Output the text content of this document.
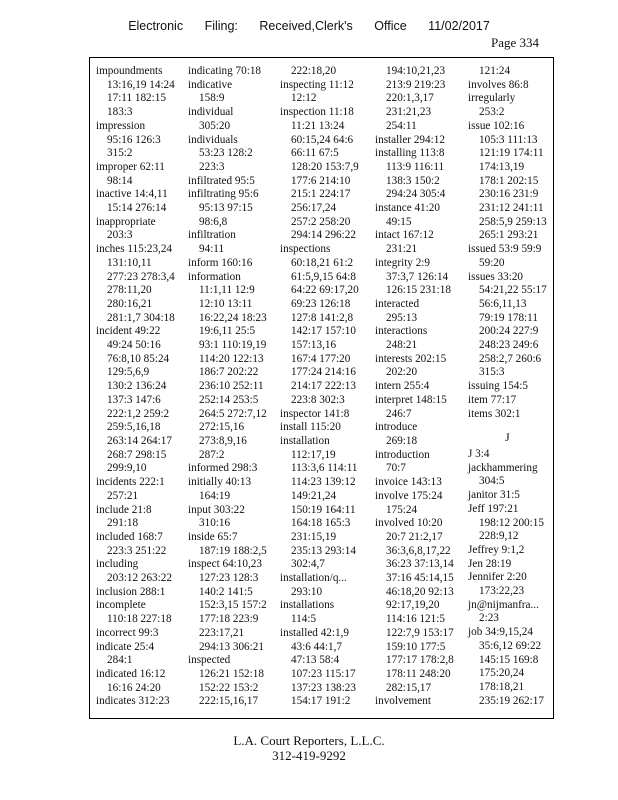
Electronic Filing: Received,Clerk's Office 11/02/2017
Page 334
impoundments
13:16,19 14:24
17:11 182:15
183:3
impression
95:16 126:3
315:2
improper 62:11
98:14
inactive 14:4,11
15:14 276:14
inappropriate
203:3
inches 115:23,24
131:10,11
277:23 278:3,4
278:11,20
280:16,21
281:1,7 304:18
incident 49:22
49:24 50:16
76:8,10 85:24
129:5,6,9
130:2 136:24
137:3 147:6
222:1,2 259:2
259:5,16,18
263:14 264:17
268:7 298:15
299:9,10
incidents 222:1
257:21
include 21:8
291:18
included 168:7
223:3 251:22
including
203:12 263:22
inclusion 288:1
incomplete
110:18 227:18
incorrect 99:3
indicate 25:4
284:1
indicated 16:12
16:16 24:20
indicates 312:23
indicating 70:18
indicative
158:9
individual
305:20
individuals
53:23 128:2
223:3
infiltrated 95:5
infiltrating 95:6
95:13 97:15
98:6,8
infiltration
94:11
inform 160:16
information
11:1,11 12:9
12:10 13:11
16:22,24 18:23
19:6,11 25:5
93:1 110:19,19
114:20 122:13
186:7 202:22
236:10 252:11
252:14 253:5
264:5 272:7,12
272:15,16
273:8,9,16
287:2
informed 298:3
initially 40:13
164:19
input 303:22
310:16
inside 65:7
187:19 188:2,5
inspect 64:10,23
127:23 128:3
140:2 141:5
152:3,15 157:2
177:18 223:9
223:17,21
294:13 306:21
inspected
126:21 152:18
152:22 153:2
222:15,16,17
222:18,20
inspecting 11:12
12:12
inspection 11:18
11:21 13:24
60:15,24 64:6
66:11 67:5
128:20 153:7,9
177:6 214:10
215:1 224:17
256:17,24
257:2 258:20
294:14 296:22
inspections
60:18,21 61:2
61:5,9,15 64:8
64:22 69:17,20
69:23 126:18
127:8 141:2,8
142:17 157:10
157:13,16
167:4 177:20
177:24 214:16
214:17 222:13
223:8 302:3
inspector 141:8
install 115:20
installation
112:17,19
113:3,6 114:11
114:23 139:12
149:21,24
150:19 164:11
164:18 165:3
231:15,19
235:13 293:14
302:4,7
installation/q...
293:10
installations
114:5
installed 42:1,9
43:6 44:1,7
47:13 58:4
107:23 115:17
137:23 138:23
154:17 191:2
194:10,21,23
213:9 219:23
220:1,3,17
231:21,23
254:11
installer 294:12
installing 113:8
113:9 116:11
138:3 150:2
294:24 305:4
instance 41:20
49:15
intact 167:12
231:21
integrity 2:9
37:3,7 126:14
126:15 231:18
interacted
295:13
interactions
248:21
interests 202:15
202:20
intern 255:4
interpret 148:15
246:7
introduce
269:18
introduction
70:7
invoice 143:13
involve 175:24
175:24
involved 10:20
20:7 21:2,17
36:3,6,8,17,22
36:23 37:13,14
37:16 45:14,15
46:18,20 92:13
92:17,19,20
114:16 121:5
122:7,9 153:17
159:10 177:5
177:17 178:2,8
178:11 248:20
282:15,17
involvement
121:24
involves 86:8
irregularly
253:2
issue 102:16
105:3 111:13
121:19 174:11
174:13,19
178:1 202:15
230:16 231:9
231:12 241:11
258:5,9 259:13
265:1 293:21
issued 53:9 59:9
59:20
issues 33:20
54:21,22 55:17
56:6,11,13
79:19 178:11
200:24 227:9
248:23 249:6
258:2,7 260:6
315:3
issuing 154:5
item 77:17
items 302:1
J
J 3:4
jackhammering
304:5
janitor 31:5
Jeff 197:21
198:12 200:15
228:9,12
Jeffrey 9:1,2
Jen 28:19
Jennifer 2:20
173:22,23
jn@nijmanfra...
2:23
job 34:9,15,24
35:6,12 69:22
145:15 169:8
175:20,24
178:18,21
235:19 262:17
L.A. Court Reporters, L.L.C.
312-419-9292
